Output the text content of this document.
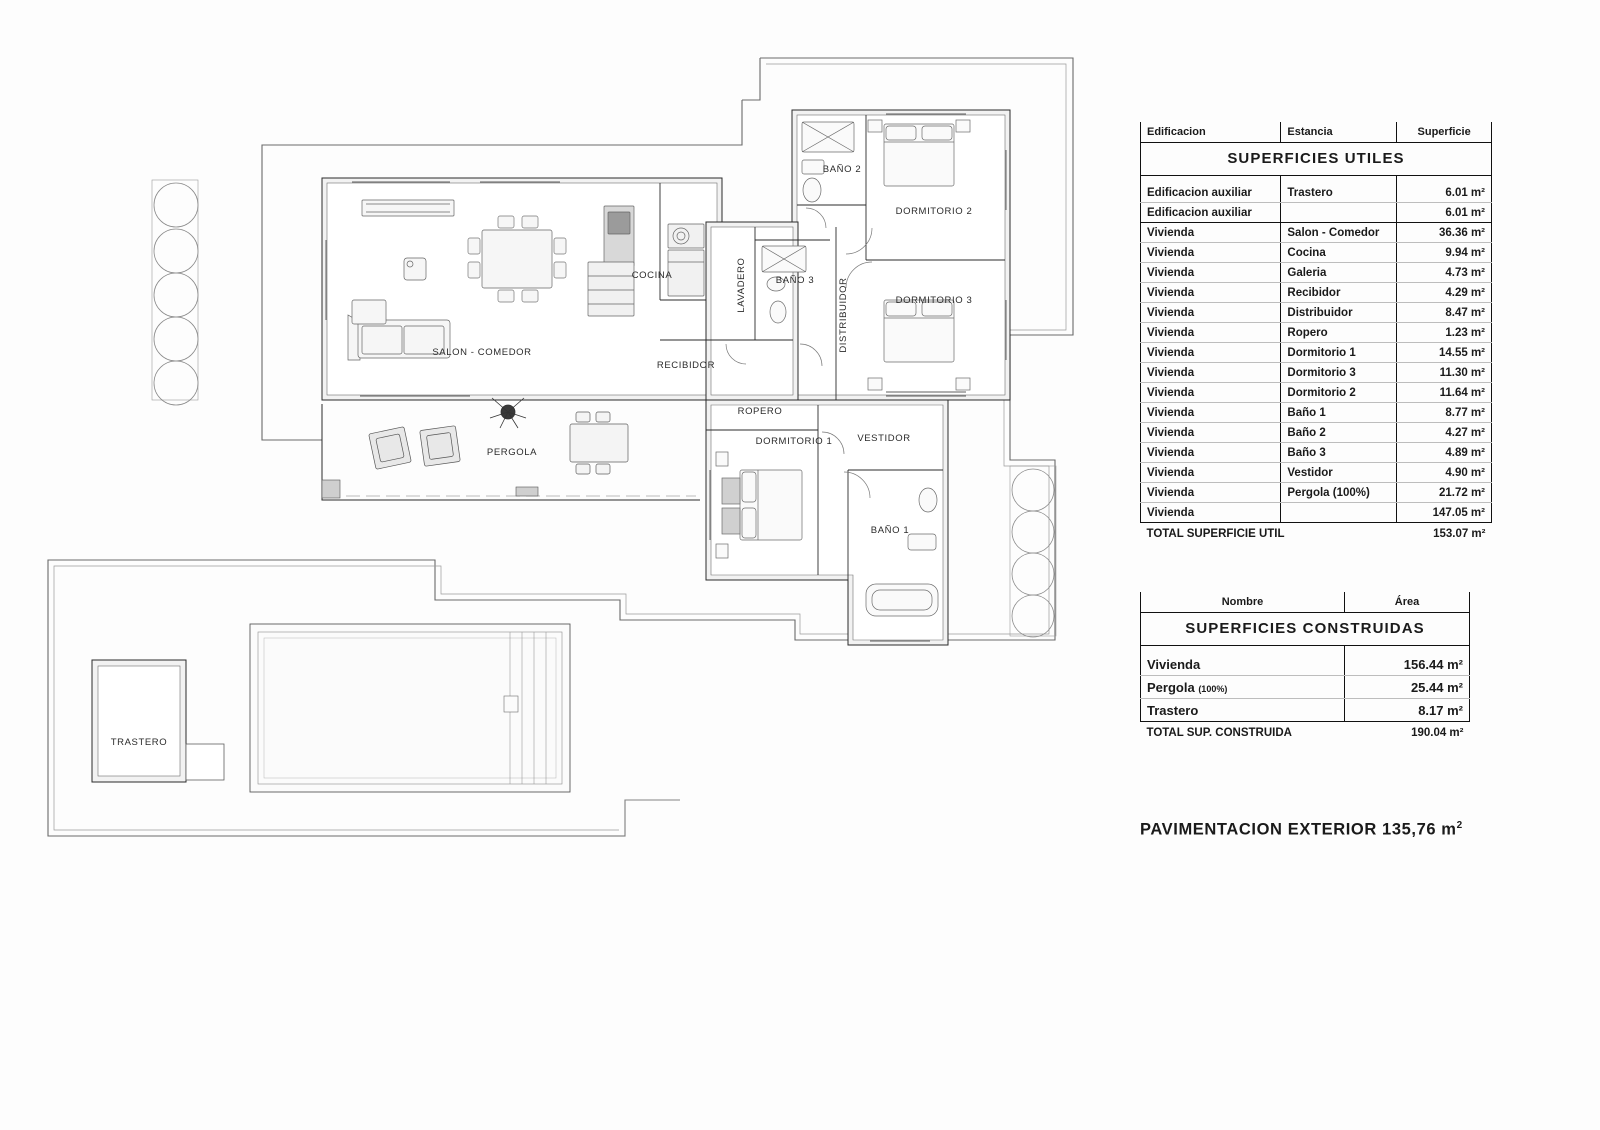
SALON - COMEDOR
COCINA	LAVADERO
BAÑO 2
BAÑO 3	DISTRIBUIDOR
DORMITORIO 2
DORMITORIO 3
RECIBIDOR
ROPERO
VESTIDOR
DORMITORIO 1
BAÑO 1
PERGOLA
TRASTERO
SUPERFICIES UTILES		
Edificacion	Estancia	Superficie

Edificacion auxiliar	Trastero	6.01 m²
Edificacion auxiliar		6.01 m²
Vivienda	Salon - Comedor	36.36 m²
Vivienda	Cocina	9.94 m²
Vivienda	Galeria	4.73 m²
Vivienda	Recibidor	4.29 m²
Vivienda	Distribuidor	8.47 m²
Vivienda	Ropero	1.23 m²
Vivienda	Dormitorio 1	14.55 m²
Vivienda	Dormitorio 3	11.30 m²
Vivienda	Dormitorio 2	11.64 m²
Vivienda	Baño 1	8.77 m²
Vivienda	Baño 2	4.27 m²
Vivienda	Baño 3	4.89 m²
Vivienda	Vestidor	4.90 m²
Vivienda	Pergola (100%)	21.72 m²
Vivienda		147.05 m²
TOTAL SUPERFICIE UTIL		153.07 m²
SUPERFICIES CONSTRUIDAS	
Nombre	Área

Vivienda	156.44 m²
Pergola (100%)	25.44 m²
Trastero	8.17 m²
TOTAL SUP. CONSTRUIDA	190.04 m²
PAVIMENTACION EXTERIOR 135,76 $m^2$
